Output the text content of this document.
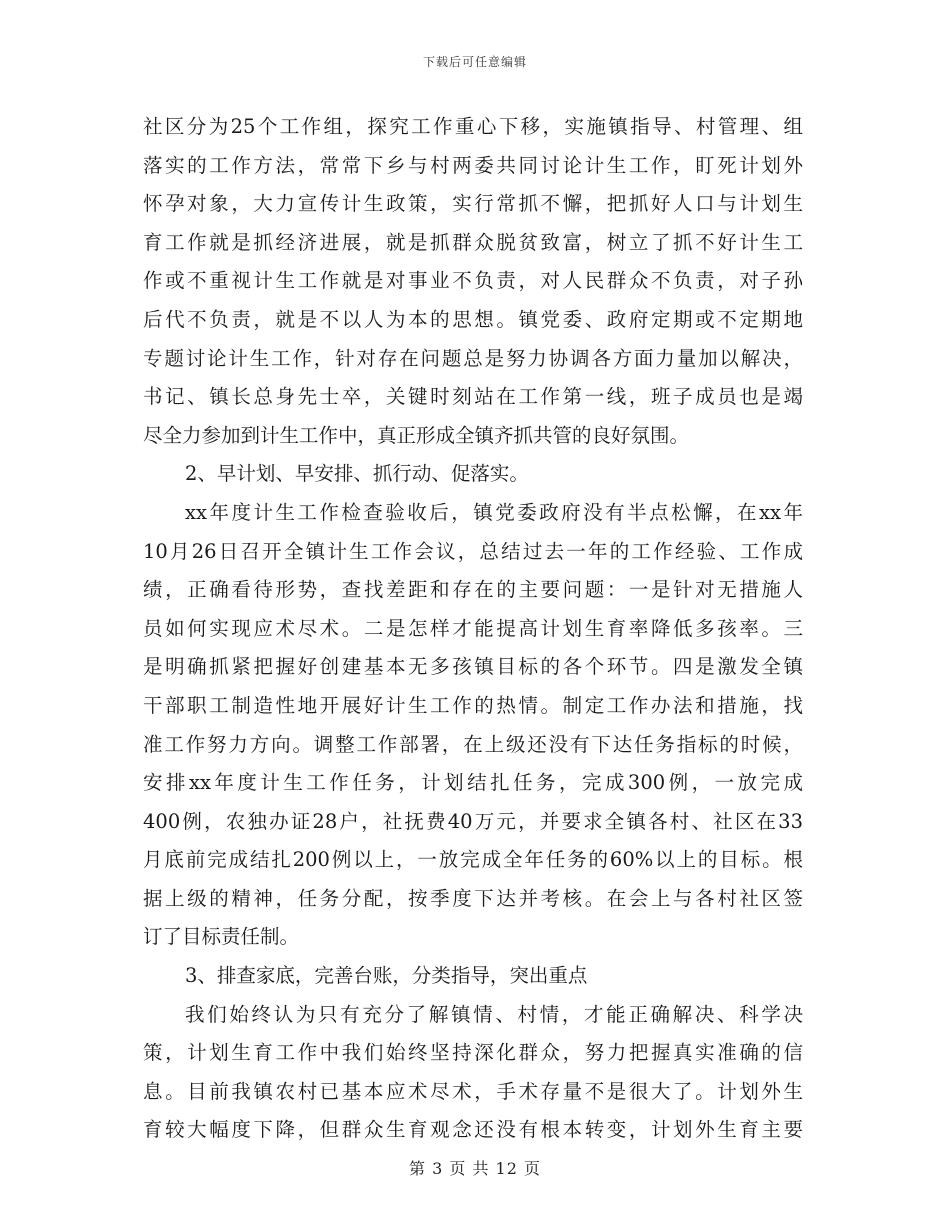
下载后可任意编辑
社区分为25个工作组，探究工作重心下移，实施镇指导、村管理、组
落实的工作方法，常常下乡与村两委共同讨论计生工作，盯死计划外
怀孕对象，大力宣传计生政策，实行常抓不懈，把抓好人口与计划生
育工作就是抓经济进展，就是抓群众脱贫致富，树立了抓不好计生工
作或不重视计生工作就是对事业不负责，对人民群众不负责，对子孙
后代不负责，就是不以人为本的思想。镇党委、政府定期或不定期地
专题讨论计生工作，针对存在问题总是努力协调各方面力量加以解决，
书记、镇长总身先士卒，关键时刻站在工作第一线，班子成员也是竭
尽全力参加到计生工作中，真正形成全镇齐抓共管的良好氛围。
2、早计划、早安排、抓行动、促落实。
xx年度计生工作检查验收后，镇党委政府没有半点松懈，在xx年
10月26日召开全镇计生工作会议，总结过去一年的工作经验、工作成
绩，正确看待形势，查找差距和存在的主要问题：一是针对无措施人
员如何实现应术尽术。二是怎样才能提高计划生育率降低多孩率。三
是明确抓紧把握好创建基本无多孩镇目标的各个环节。四是激发全镇
干部职工制造性地开展好计生工作的热情。制定工作办法和措施，找
准工作努力方向。调整工作部署，在上级还没有下达任务指标的时候，
安排xx年度计生工作任务，计划结扎任务，完成300例，一放完成
400例，农独办证28户，社抚费40万元，并要求全镇各村、社区在33
月底前完成结扎200例以上，一放完成全年任务的60%以上的目标。根
据上级的精神，任务分配，按季度下达并考核。在会上与各村社区签
订了目标责任制。
3、排查家底，完善台账，分类指导，突出重点
我们始终认为只有充分了解镇情、村情，才能正确解决、科学决
策，计划生育工作中我们始终坚持深化群众，努力把握真实准确的信
息。目前我镇农村已基本应术尽术，手术存量不是很大了。计划外生
育较大幅度下降，但群众生育观念还没有根本转变，计划外生育主要
第 3 页 共 12 页
